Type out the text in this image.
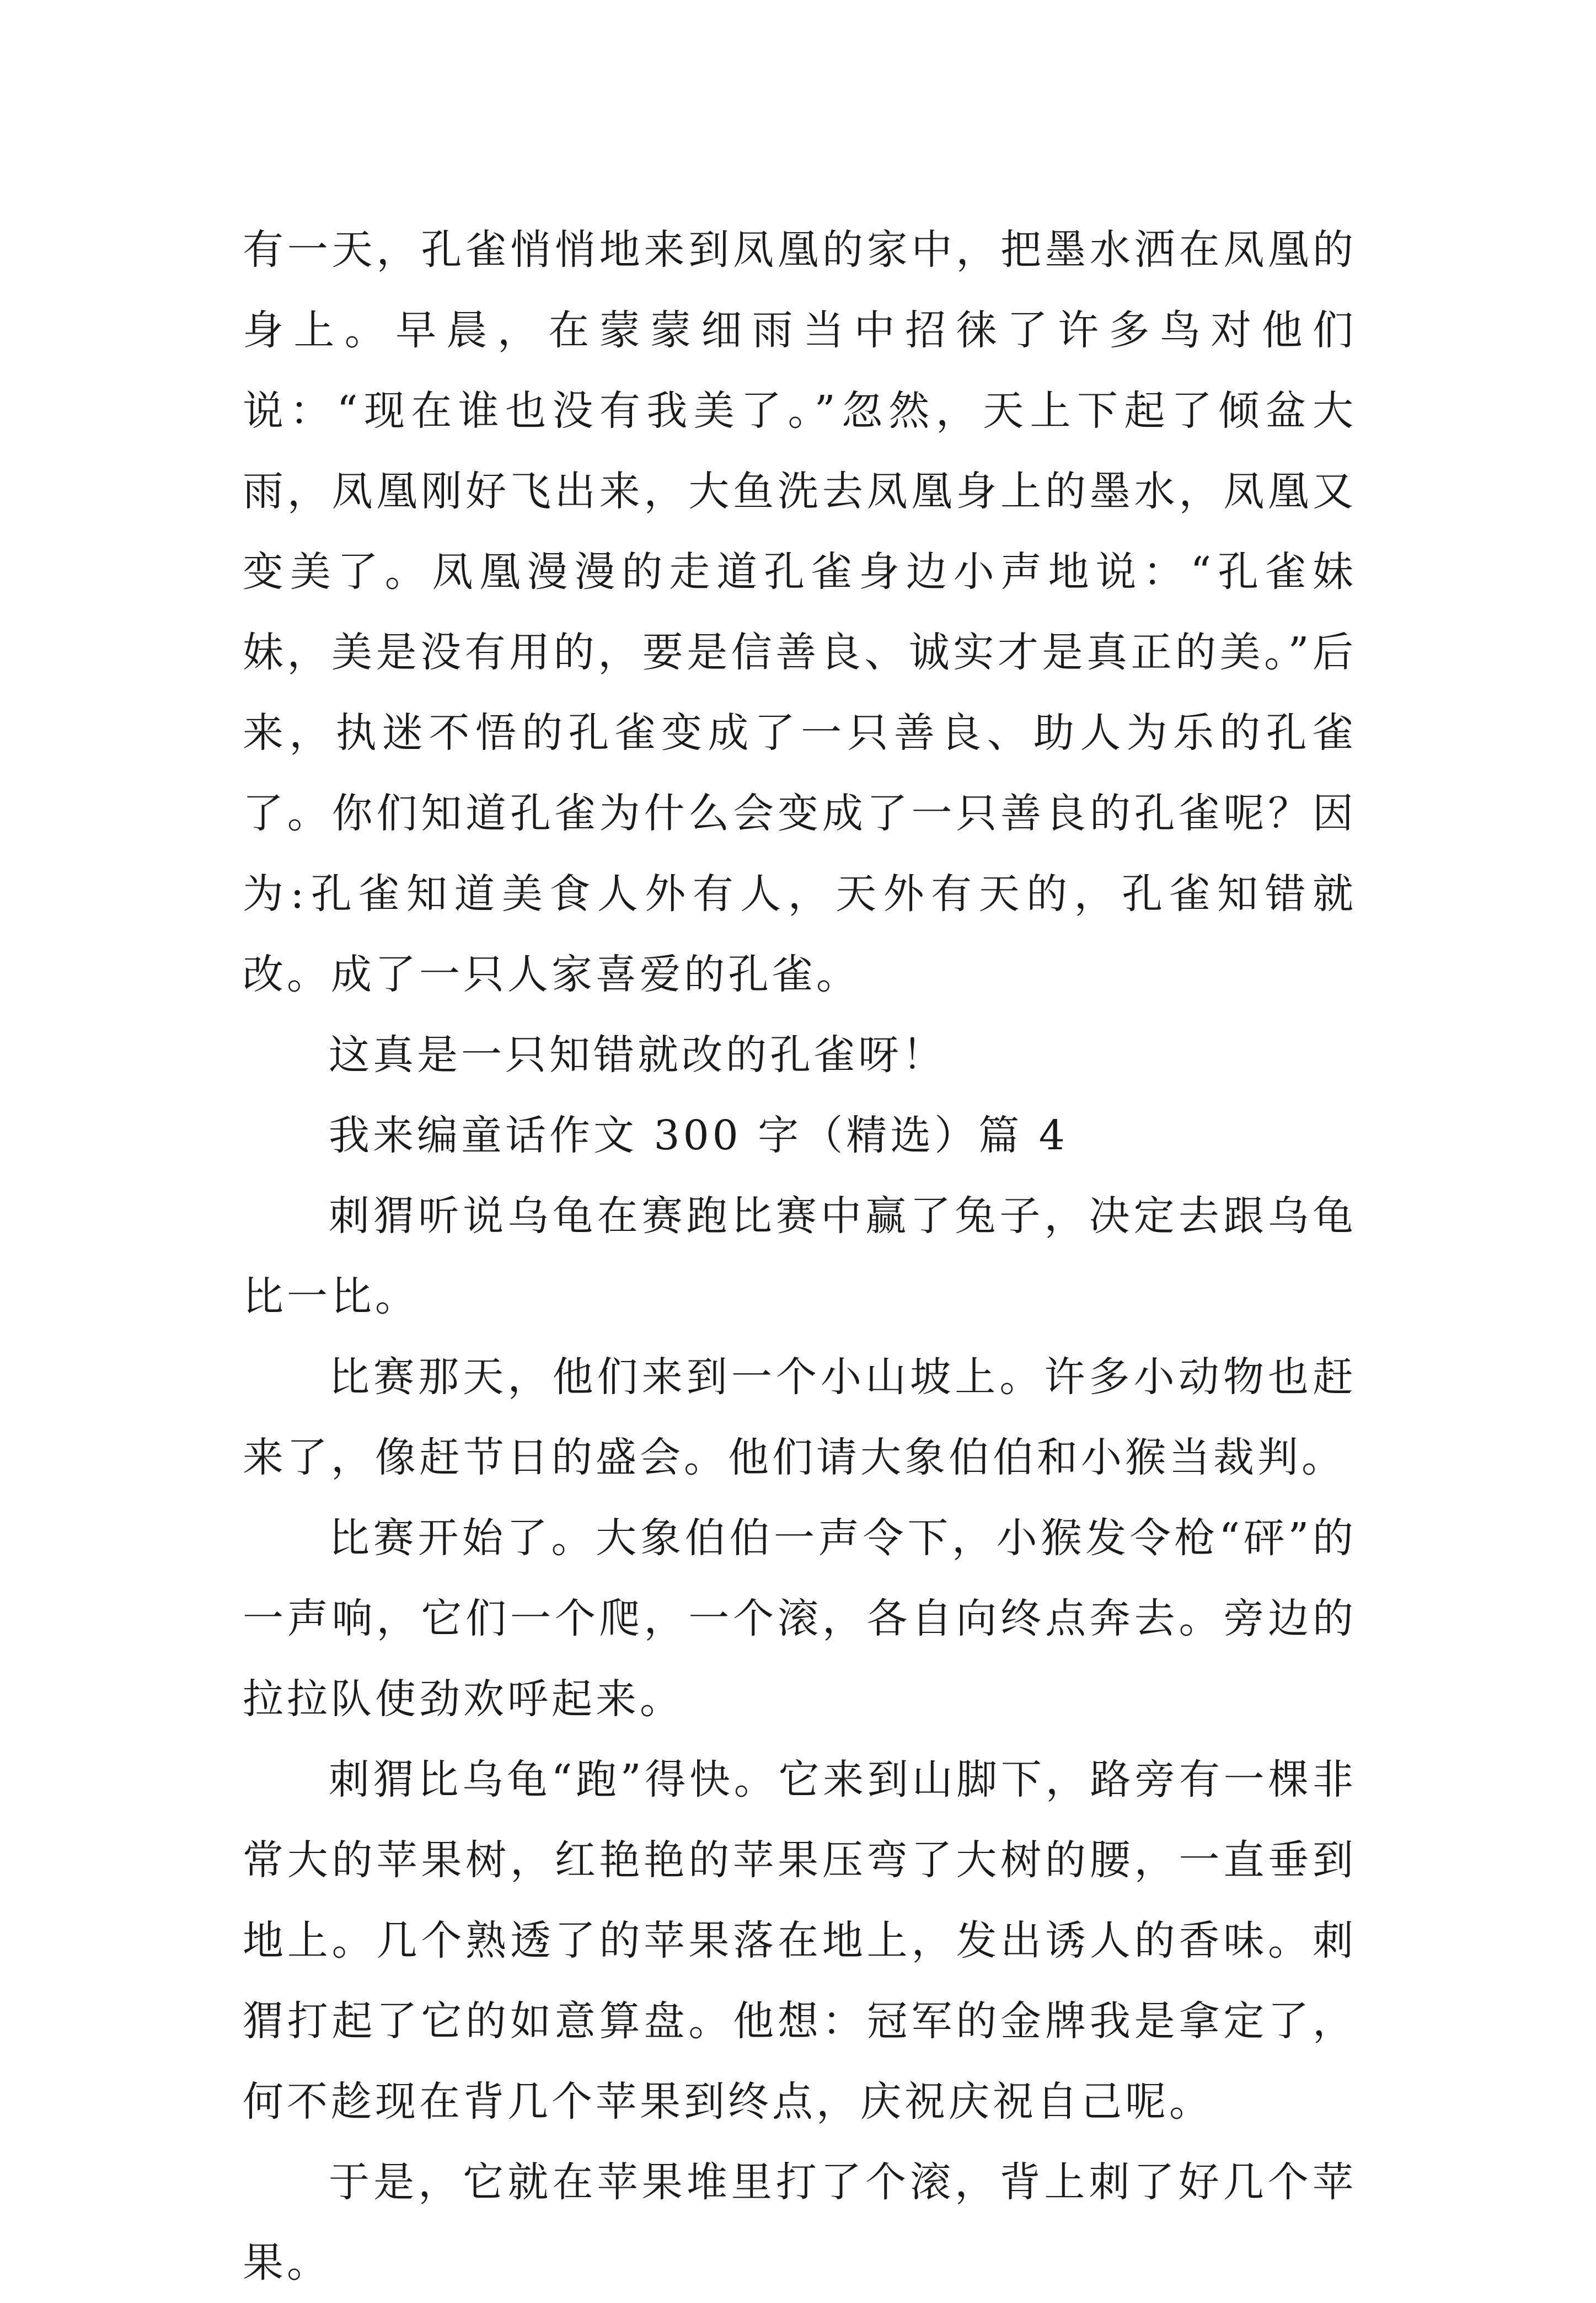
有一天，孔雀悄悄地来到凤凰的家中，把墨水洒在凤凰的身上。早晨，在蒙蒙细雨当中招徕了许多鸟对他们说：“现在谁也没有我美了。”忽然，天上下起了倾盆大雨，凤凰刚好飞出来，大鱼洗去凤凰身上的墨水，凤凰又变美了。凤凰漫漫的走道孔雀身边小声地说：“孔雀妹妹，美是没有用的，要是信善良、诚实才是真正的美。”后来，执迷不悟的孔雀变成了一只善良、助人为乐的孔雀了。你们知道孔雀为什么会变成了一只善良的孔雀呢？因为:孔雀知道美食人外有人，天外有天的，孔雀知错就改。成了一只人家喜爱的孔雀。

这真是一只知错就改的孔雀呀！

我来编童话作文 300 字（精选）篇 4

刺猬听说乌龟在赛跑比赛中赢了兔子，决定去跟乌龟比一比。

比赛那天，他们来到一个小山坡上。许多小动物也赶来了，像赶节日的盛会。他们请大象伯伯和小猴当裁判。

比赛开始了。大象伯伯一声令下，小猴发令枪“砰”的一声响，它们一个爬，一个滚，各自向终点奔去。旁边的拉拉队使劲欢呼起来。

刺猬比乌龟“跑”得快。它来到山脚下，路旁有一棵非常大的苹果树，红艳艳的苹果压弯了大树的腰，一直垂到地上。几个熟透了的苹果落在地上，发出诱人的香味。刺猬打起了它的如意算盘。他想：冠军的金牌我是拿定了，何不趁现在背几个苹果到终点，庆祝庆祝自己呢。

于是，它就在苹果堆里打了个滚，背上刺了好几个苹果。
